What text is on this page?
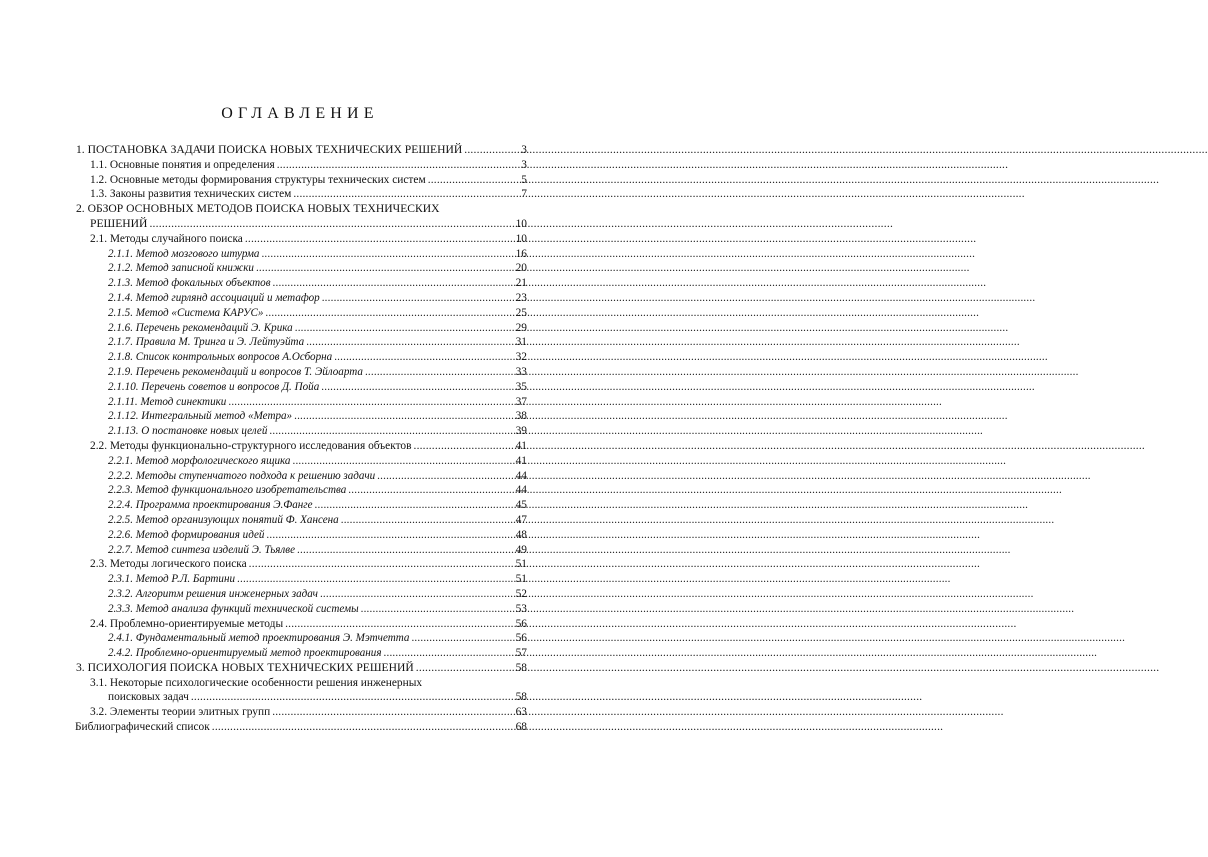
ОГЛАВЛЕНИЕ
1. ПОСТАНОВКА ЗАДАЧИ ПОИСКА НОВЫХ ТЕХНИЧЕСКИХ РЕШЕНИЙ .....	3
1.1. Основные понятия и определения .....	3
1.2. Основные методы формирования структуры технических систем .....	5
1.3. Законы развития технических систем .....	7
2. ОБЗОР ОСНОВНЫХ МЕТОДОВ ПОИСКА НОВЫХ ТЕХНИЧЕСКИХ
РЕШЕНИЙ .....	10
2.1. Методы случайного поиска .....	10
2.1.1. Метод мозгового штурма .....	16
2.1.2. Метод записной книжки .....	20
2.1.3. Метод фокальных объектов .....	21
2.1.4. Метод гирлянд ассоциаций и метафор .....	23
2.1.5. Метод «Система КАРУС» .....	25
2.1.6. Перечень рекомендаций Э. Крика .....	29
2.1.7. Правила М. Тринга и Э. Лейтуэйта .....	31
2.1.8. Список контрольных вопросов А.Осборна .....	32
2.1.9. Перечень рекомендаций и вопросов Т. Эйлоарта .....	33
2.1.10. Перечень советов и вопросов Д. Пойа .....	35
2.1.11. Метод синектики .....	37
2.1.12. Интегральный метод «Метра» .....	38
2.1.13. О постановке новых целей .....	39
2.2. Методы функционально-структурного исследования объектов .....	41
2.2.1. Метод морфологического ящика .....	41
2.2.2. Методы ступенчатого подхода к решению задачи .....	44
2.2.3. Метод функционального изобретательства .....	44
2.2.4. Программа проектирования Э.Фанге .....	45
2.2.5. Метод организующих понятий Ф. Хансена .....	47
2.2.6. Метод формирования идей .....	48
2.2.7. Метод синтеза изделий Э. Тьялве .....	49
2.3. Методы логического поиска .....	51
2.3.1. Метод Р.Л. Бартини .....	51
2.3.2. Алгоритм решения инженерных задач .....	52
2.3.3. Метод анализа функций технической системы .....	53
2.4. Проблемно-ориентируемые методы .....	56
2.4.1. Фундаментальный метод проектирования Э. Мэтчетта .....	56
2.4.2. Проблемно-ориентируемый метод проектирования .....	57
3. ПСИХОЛОГИЯ ПОИСКА НОВЫХ ТЕХНИЧЕСКИХ РЕШЕНИЙ .....	58
3.1. Некоторые психологические особенности решения инженерных
поисковых задач .....	58
3.2. Элементы теории элитных групп .....	63
Библиографический список .....	68
